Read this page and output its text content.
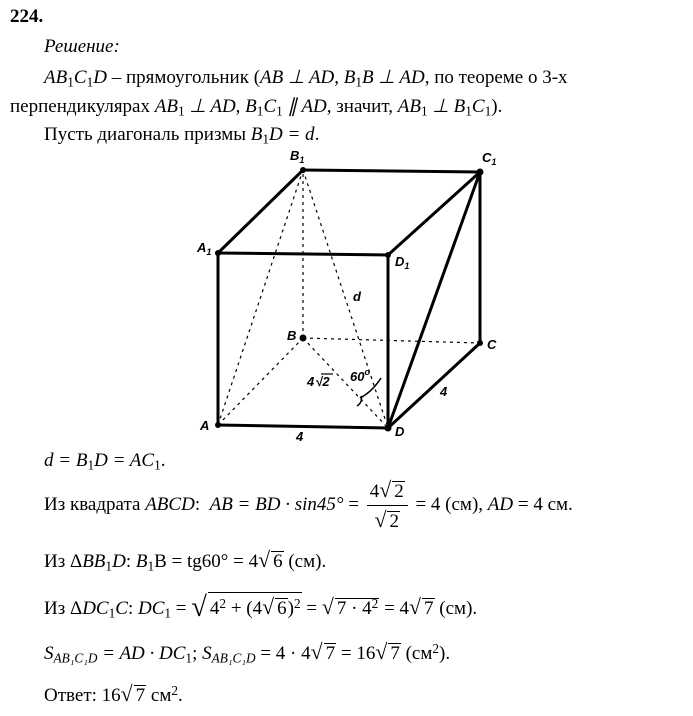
224.
Решение:
$AB_1C_1D$ – прямоугольник (AB ⊥ AD, $B_1B$ ⊥ AD, по теореме о 3-х
перпендикулярах $AB_1$ ⊥ AD, $B_1C_1$ ∥ AD, значит, $AB_1$ ⊥ $B_1C_1$).
Пусть диагональ призмы $B_1D = d$.
$B_1$	$C_1$
$A_1$
$D_1$
d
B
C
4√2 60$^o$
4
A	D
4
$d = B_1D = AC_1$.
Из квадрата ABCD: AB = BD · $\sin 45^\circ = \frac{4√ 2}{√ 2} = 4$ (см), AD = 4 см.
Из $\Delta BB_1D$: $B_1B = tg60^\circ = 4√$ 6 (см).
Из $\Delta DC_1C$: $DC_1$ = √ $4^2 + (4√$ 6)$^2$ = √ $7 \cdot 4^2 = 4√$ 7 (см).
$S_{AB_1C_1D}$ = AD · $DC_1$; $S_{AB_1C_1D} = 4 \cdot 4√$ 7 = 16√ 7 $(см^2)$.
Ответ: 16√ 7 $см^2$.
